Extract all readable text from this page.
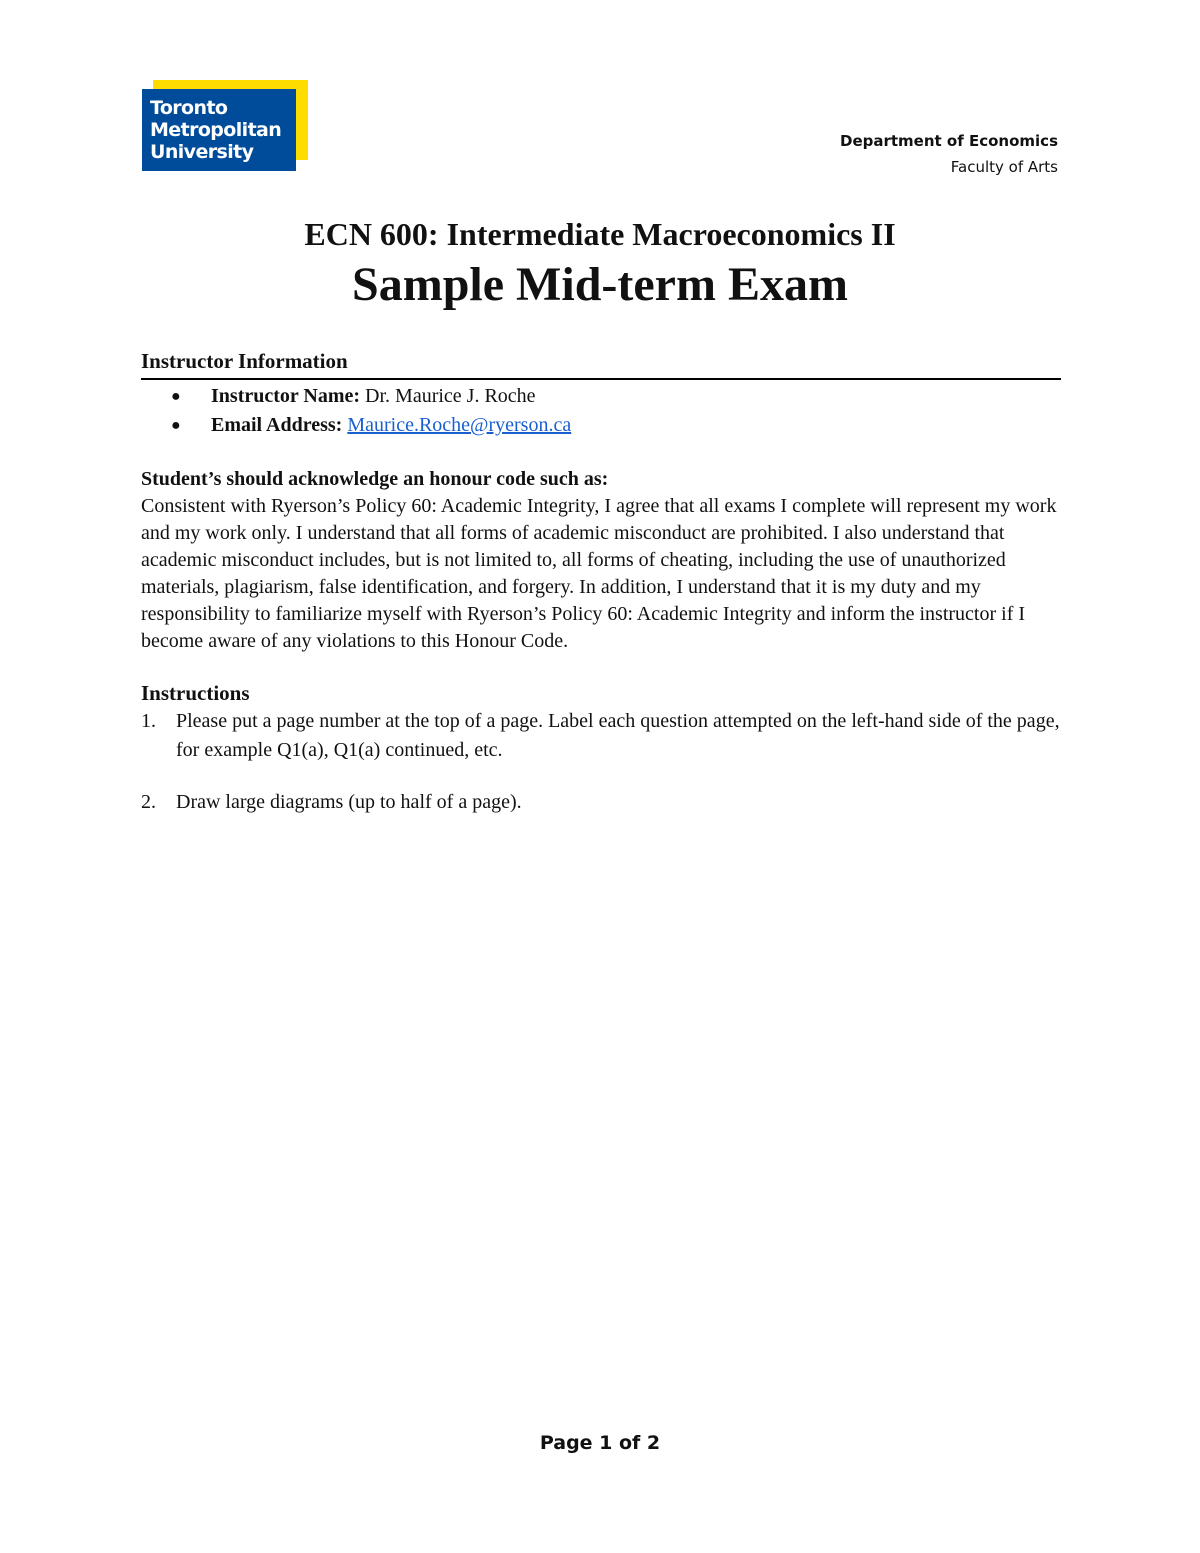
Toronto
Metropolitan
University	Department of Economics
Faculty of Arts
ECN 600: Intermediate Macroeconomics II
Sample Mid-term Exam
Instructor Information
● Instructor Name: Dr. Maurice J. Roche
● Email Address: Maurice.Roche@ryerson.ca
Student’s should acknowledge an honour code such as:

Consistent with Ryerson’s Policy 60: Academic Integrity, I agree that all exams I complete will represent my work and my work only. I understand that all forms of academic misconduct are prohibited. I also understand that academic misconduct includes, but is not limited to, all forms of cheating, including the use of unauthorized materials, plagiarism, false identification, and forgery. In addition, I understand that it is my duty and my responsibility to familiarize myself with Ryerson’s Policy 60: Academic Integrity and inform the instructor if I become aware of any violations to this Honour Code.

Instructions
1. Please put a page number at the top of a page. Label each question attempted on the left-hand side of the page, for example Q1(a), Q1(a) continued, etc.
2. Draw large diagrams (up to half of a page).
Page 1 of 2
